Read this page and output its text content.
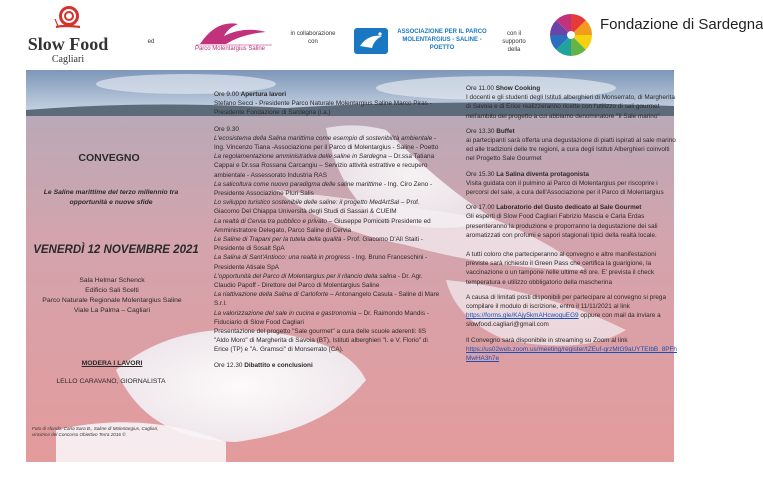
Slow Food
Cagliari
ed
Parco Molentargius Saline
in collaborazione con
ASSOCIAZIONE PER IL PARCO MOLENTARGIUS - SALINE - POETTO
con il supporto della
Fondazione di Sardegna
CONVEGNO
Le Saline marittime del terzo millennio tra opportunità e nuove sfide
VENERDÌ 12 NOVEMBRE 2021
Sala Helmar Schenck
Edificio Sali Scelti
Parco Naturale Regionale Molentargius Saline
Viale La Palma – Cagliari
MODERA I LAVORI
LELLO CARAVANO, GIORNALISTA
Foto di sfondo: Carla Sara B., Saline di Molentargius, Cagliari, vincitrice del Concorso Obiettivo Terra 2016 ©
Ore 9.00 Apertura lavori
Stefano Secci - Presidente Parco Naturale Molentargius Saline Marco Piras - Presidente Fondazione di Sardegna (i.a.)
Ore 9.30
L'ecosistema della Salina marittima come esempio di sostenibilità ambientale - Ing. Vincenzo Tiana -Associazione per il Parco di Molentargius - Saline - Poetto
La regolamentazione amministrativa delle saline in Sardegna – Dr.ssa Tatiana Cappai e Dr.ssa Rossana Carcangiu – Servizio attività estrattive e recupero ambientale - Assessorato Industria RAS
La salicoltura come nuovo paradigma delle saline marittime - Ing. Ciro Zeno - Presidente Associazione Pluri Salis
Lo sviluppo turistico sostenibile delle saline: il progetto MedArtSal – Prof. Giacomo Del Chiappa Università degli Studi di Sassari & CUEIM
La realtà di Cervia tra pubblico e privato – Giuseppe Pomicetti Presidente ed Amministratore Delegato, Parco Saline di Cervia
Le Saline di Trapani per la tutela della qualità - Prof. Giacomo D'Alì Staiti - Presidente di Sosalt SpA
La Salina di Sant'Antioco: una realtà in progress - Ing. Bruno Franceschini - Presidente Atisale SpA
L'opportunità del Parco di Molentargius per il rilancio della salina - Dr. Agr. Claudio Papoff - Direttore del Parco di Molentargius Saline
La riattivazione della Salina di Carloforte – Antonangelo Casula - Saline di Mare S.r.l.
La valorizzazione del sale in cucina e gastronomia – Dr. Raimondo Mandis - Fiduciario di Slow Food Cagliari
Presentazione del progetto "Sale gourmet" a cura delle scuole aderenti: IIS "Aldo Moro" di Margherita di Savoia (BT), Istituti alberghieri "I. e V. Florio" di Erice (TP) e "A. Gramsci" di Monserrato (CA).
Ore 12.30 Dibattito e conclusioni
Ore 11.00 Show Cooking
I docenti e gli studenti degli Istituti alberghieri di Monserrato, di Margherita di Savoia e di Erice realizzeranno ricette con l'utilizzo di sali gourmet nell'ambito del progetto a cui abbiamo denominatore "Il Sale marino"
Ore 13.30 Buffet
ai partecipanti sarà offerta una degustazione di piatti ispirati al sale marino ed alle tradizioni delle tre regioni, a cura degli Istituti Alberghieri coinvolti nel Progetto Sale Gourmet
Ore 15.30 La Salina diventa protagonista
Visita guidata con il pulmino al Parco di Molentargius per riscoprire i percorsi del sale, a cura dell'Associazione per il Parco di Molentargius
Ore 17.00 Laboratorio del Gusto dedicato al Sale Gourmet
Gli esperti di Slow Food Cagliari Fabrizio Mascia e Carla Erdas presenteranno la produzione e proporranno la degustazione dei sali aromatizzati con profumi e sapori stagionali tipici della realtà locale.
A tutti coloro che parteciperanno al convegno e altre manifestazioni previste sarà richiesto il Green Pass che certifica la guarigione, la vaccinazione o un tampone nelle ultime 48 ore. E' prevista il check temperatura e utilizzo obbligatorio della mascherina
A causa di limitati posti disponibili per partecipare al convegno si prega compilare il modulo di iscrizione, entro il 11/11/2021 al link https://forms.gle/KAjy5kmAHcwoquEG9 oppure con mail da inviare a slowfood.cagliari@gmail.com
Il Convegno sarà disponibile in streaming su Zoom al link
https://us02web.zoom.us/meeting/register/tZEuf-qrzMtG9aUYTEIbB_8PFhMwHA3h7e
